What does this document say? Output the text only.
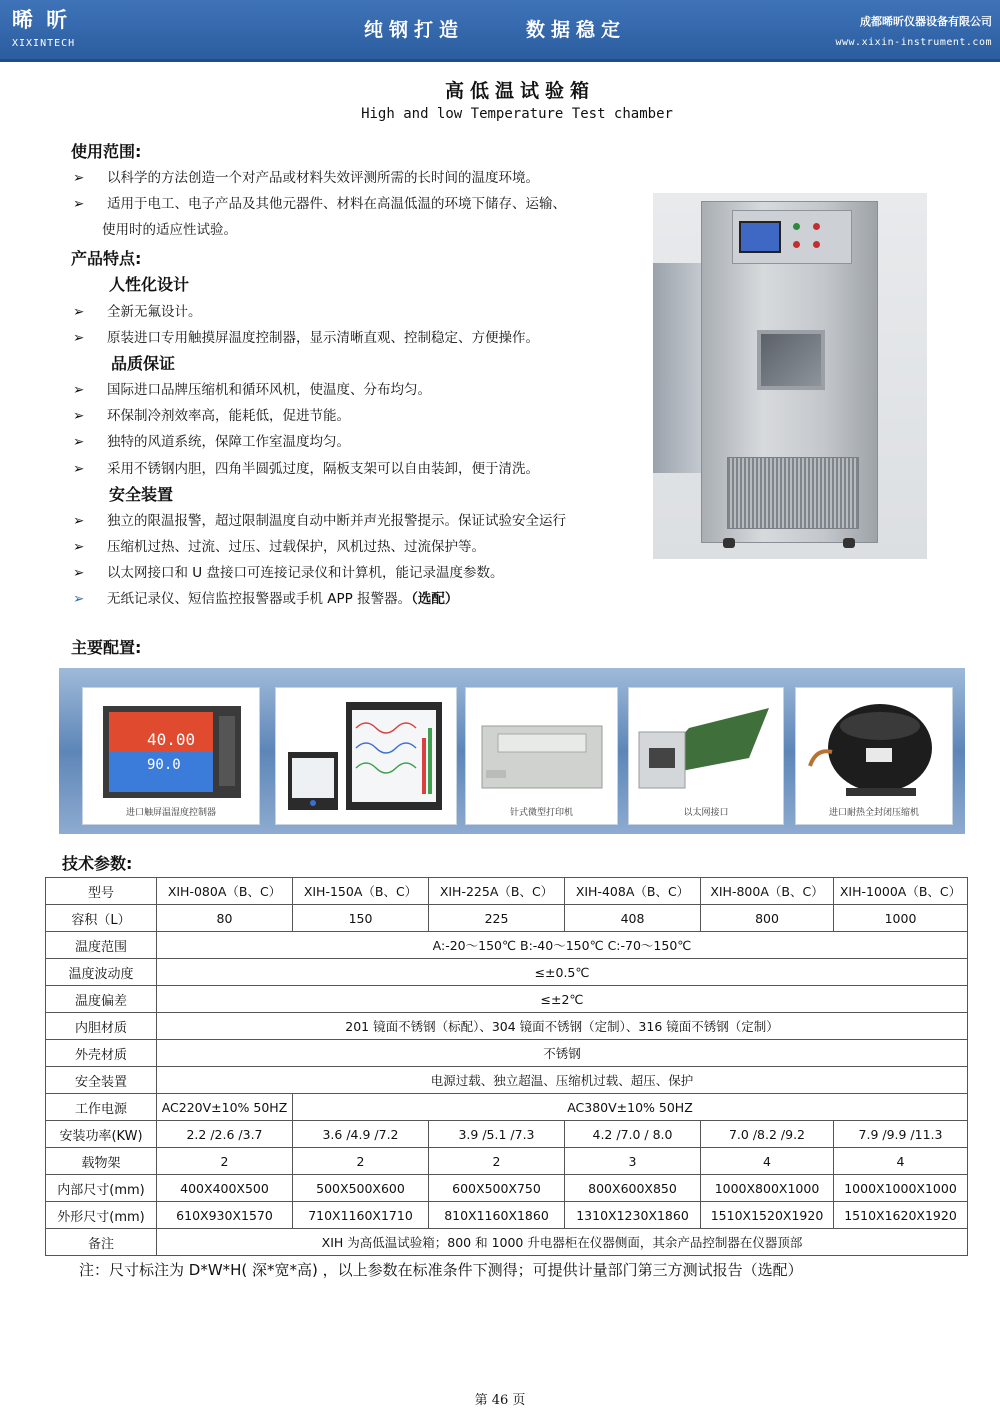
晞 昕
XIXINTECH
纯钢打造	数据稳定	成都晞昕仪器设备有限公司
www.xixin-instrument.com
高低温试验箱
High and low Temperature Test chamber
使用范围:
➢ 以科学的方法创造一个对产品或材料失效评测所需的长时间的温度环境。
➢ 适用于电工、电子产品及其他元器件、材料在高温低温的环境下储存、运输、
使用时的适应性试验。
产品特点:
人性化设计
➢ 全新无氟设计。
➢ 原装进口专用触摸屏温度控制器，显示清晰直观、控制稳定、方便操作。
品质保证
➢ 国际进口品牌压缩机和循环风机，使温度、分布均匀。
➢ 环保制冷剂效率高，能耗低，促进节能。
➢ 独特的风道系统，保障工作室温度均匀。
➢ 采用不锈钢内胆，四角半圆弧过度，隔板支架可以自由装卸，便于清洗。
安全装置
➢ 独立的限温报警，超过限制温度自动中断并声光报警提示。保证试验安全运行
➢ 压缩机过热、过流、过压、过载保护，风机过热、过流保护等。
➢ 以太网接口和 U 盘接口可连接记录仪和计算机，能记录温度参数。
➢ 无纸记录仪、短信监控报警器或手机 APP 报警器。（选配）
主要配置:
40.00
90.0
进口触屏温湿度控制器	针式微型打印机	以太网接口	进口耐热全封闭压缩机
技术参数:
型号	XIH-080A（B、C）	XIH-150A（B、C）	XIH-225A（B、C）	XIH-408A（B、C）	XIH-800A（B、C）	XIH-1000A（B、C）
容积（L）	80	150	225	408	800	1000
温度范围	A:-20～150℃ B:-40～150℃ C:-70～150℃					
温度波动度	≤±0.5℃					
温度偏差	≤±2℃					
内胆材质	201 镜面不锈钢（标配）、304 镜面不锈钢（定制）、316 镜面不锈钢（定制）					
外壳材质	不锈钢					
安全装置	电源过载、独立超温、压缩机过载、超压、保护					
工作电源	AC220V±10% 50HZ	AC380V±10% 50HZ				
安装功率(KW)	2.2 /2.6 /3.7	3.6 /4.9 /7.2	3.9 /5.1 /7.3	4.2 /7.0 / 8.0	7.0 /8.2 /9.2	7.9 /9.9 /11.3
载物架	2	2	2	3	4	4
内部尺寸(mm)	400X400X500	500X500X600	600X500X750	800X600X850	1000X800X1000	1000X1000X1000
外形尺寸(mm)	610X930X1570	710X1160X1710	810X1160X1860	1310X1230X1860	1510X1520X1920	1510X1620X1920
备注	XIH 为高低温试验箱；800 和 1000 升电器柜在仪器侧面，其余产品控制器在仪器顶部					
注：尺寸标注为 D*W*H( 深*宽*高) ，以上参数在标准条件下测得；可提供计量部门第三方测试报告（选配）
第 46 页
